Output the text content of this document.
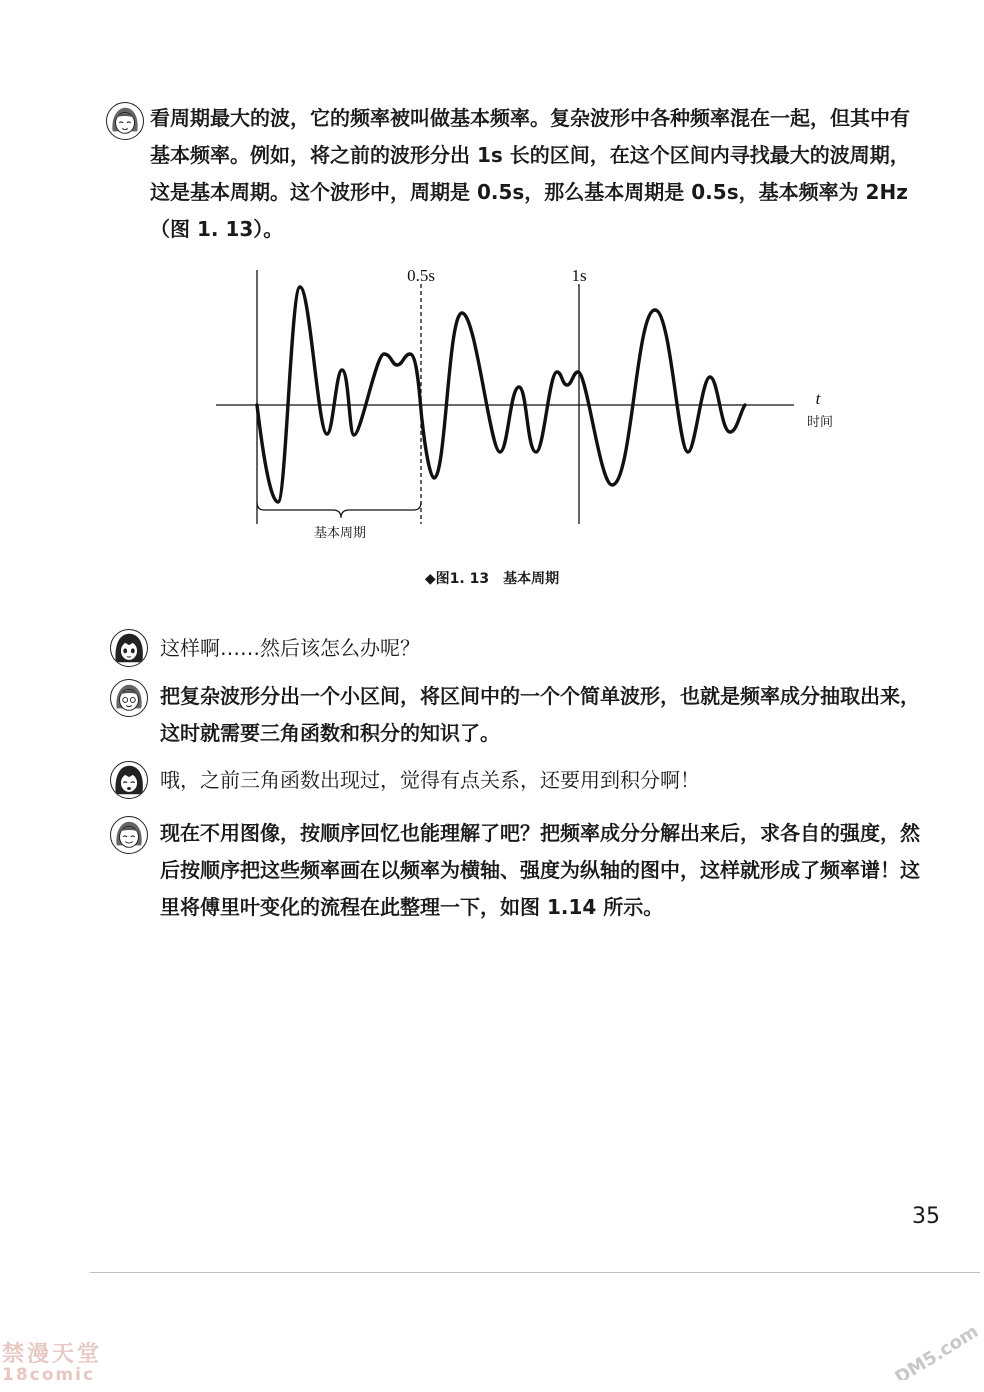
看周期最大的波，它的频率被叫做基本频率。复杂波形中各种频率混在一起，但其中有基本频率。例如，将之前的波形分出 1s 长的区间，在这个区间内寻找最大的波周期，这是基本周期。这个波形中，周期是 0.5s，那么基本周期是 0.5s，基本频率为 2Hz（图 1. 13）。
0.5s	1s
t
时间
基本周期
◆图1. 13　基本周期
这样啊……然后该怎么办呢？
把复杂波形分出一个小区间，将区间中的一个个简单波形，也就是频率成分抽取出来，这时就需要三角函数和积分的知识了。
哦，之前三角函数出现过，觉得有点关系，还要用到积分啊！
现在不用图像，按顺序回忆也能理解了吧？把频率成分分解出来后，求各自的强度，然后按顺序把这些频率画在以频率为横轴、强度为纵轴的图中，这样就形成了频率谱！这里将傅里叶变化的流程在此整理一下，如图 1.14 所示。
35
禁漫天堂
18comic	DM5.com
